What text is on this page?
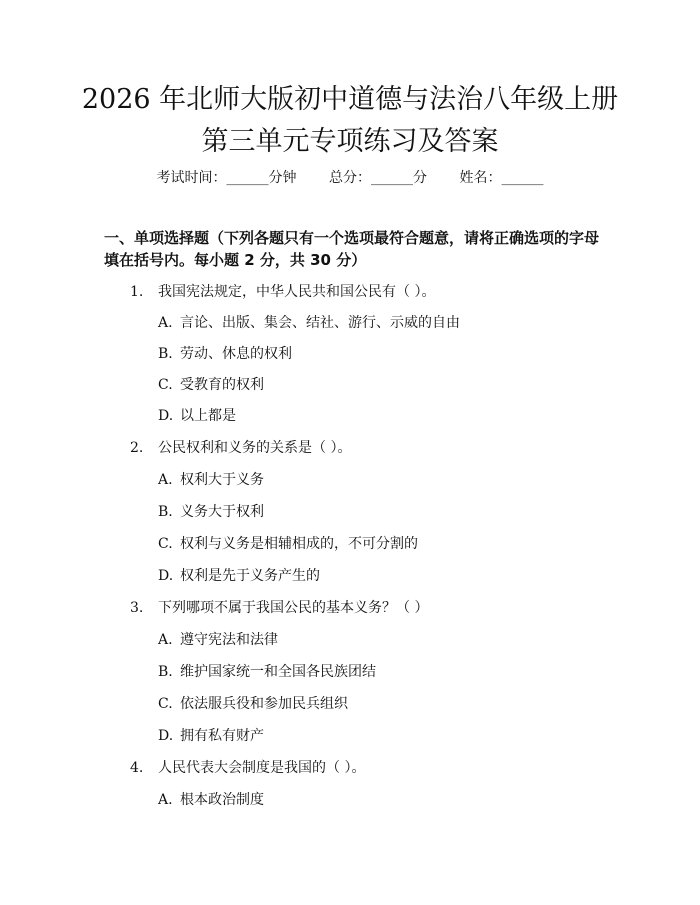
2026 年北师大版初中道德与法治八年级上册
第三单元专项练习及答案
考试时间：______分钟 总分：______分 姓名：______
一、单项选择题（下列各题只有一个选项最符合题意，请将正确选项的字母填在括号内。每小题 2 分，共 30 分）
1. 我国宪法规定，中华人民共和国公民有（ ）。
A. 言论、出版、集会、结社、游行、示威的自由
B. 劳动、休息的权利
C. 受教育的权利
D. 以上都是
2. 公民权利和义务的关系是（ ）。
A. 权利大于义务
B. 义务大于权利
C. 权利与义务是相辅相成的，不可分割的
D. 权利是先于义务产生的
3. 下列哪项不属于我国公民的基本义务？（ ）
A. 遵守宪法和法律
B. 维护国家统一和全国各民族团结
C. 依法服兵役和参加民兵组织
D. 拥有私有财产
4. 人民代表大会制度是我国的（ ）。
A. 根本政治制度
